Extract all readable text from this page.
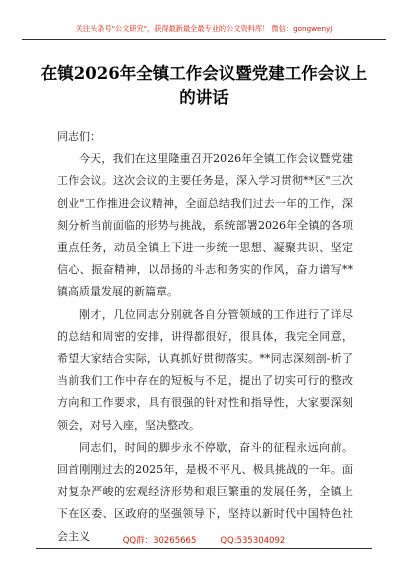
关注头条号"公文研究"，获得最新最全最专业的公文资料库！ 微信：gongwenyj
在镇2026年全镇工作会议暨党建工作会议上的讲话

同志们：

今天，我们在这里隆重召开2026年全镇工作会议暨党建工作会议。这次会议的主要任务是，深入学习贯彻**区"三次创业"工作推进会议精神，全面总结我们过去一年的工作，深刻分析当前面临的形势与挑战，系统部署2026年全镇的各项重点任务，动员全镇上下进一步统一思想、凝聚共识、坚定信心、振奋精神，以昂扬的斗志和务实的作风，奋力谱写**镇高质量发展的新篇章。

刚才，几位同志分别就各自分管领域的工作进行了详尽的总结和周密的安排，讲得都很好，很具体，我完全同意，希望大家结合实际，认真抓好贯彻落实。**同志深刻剖-析了当前我们工作中存在的短板与不足，提出了切实可行的整改方向和工作要求，具有很强的针对性和指导性，大家要深刻领会，对号入座，坚决整改。

同志们，时间的脚步永不停歇，奋斗的征程永远向前。回首刚刚过去的2025年，是极不平凡、极具挑战的一年。面对复杂严峻的宏观经济形势和艰巨繁重的发展任务，全镇上下在区委、区政府的坚强领导下，坚持以新时代中国特色社会主义	QQ群：30265665	QQ:535304092
